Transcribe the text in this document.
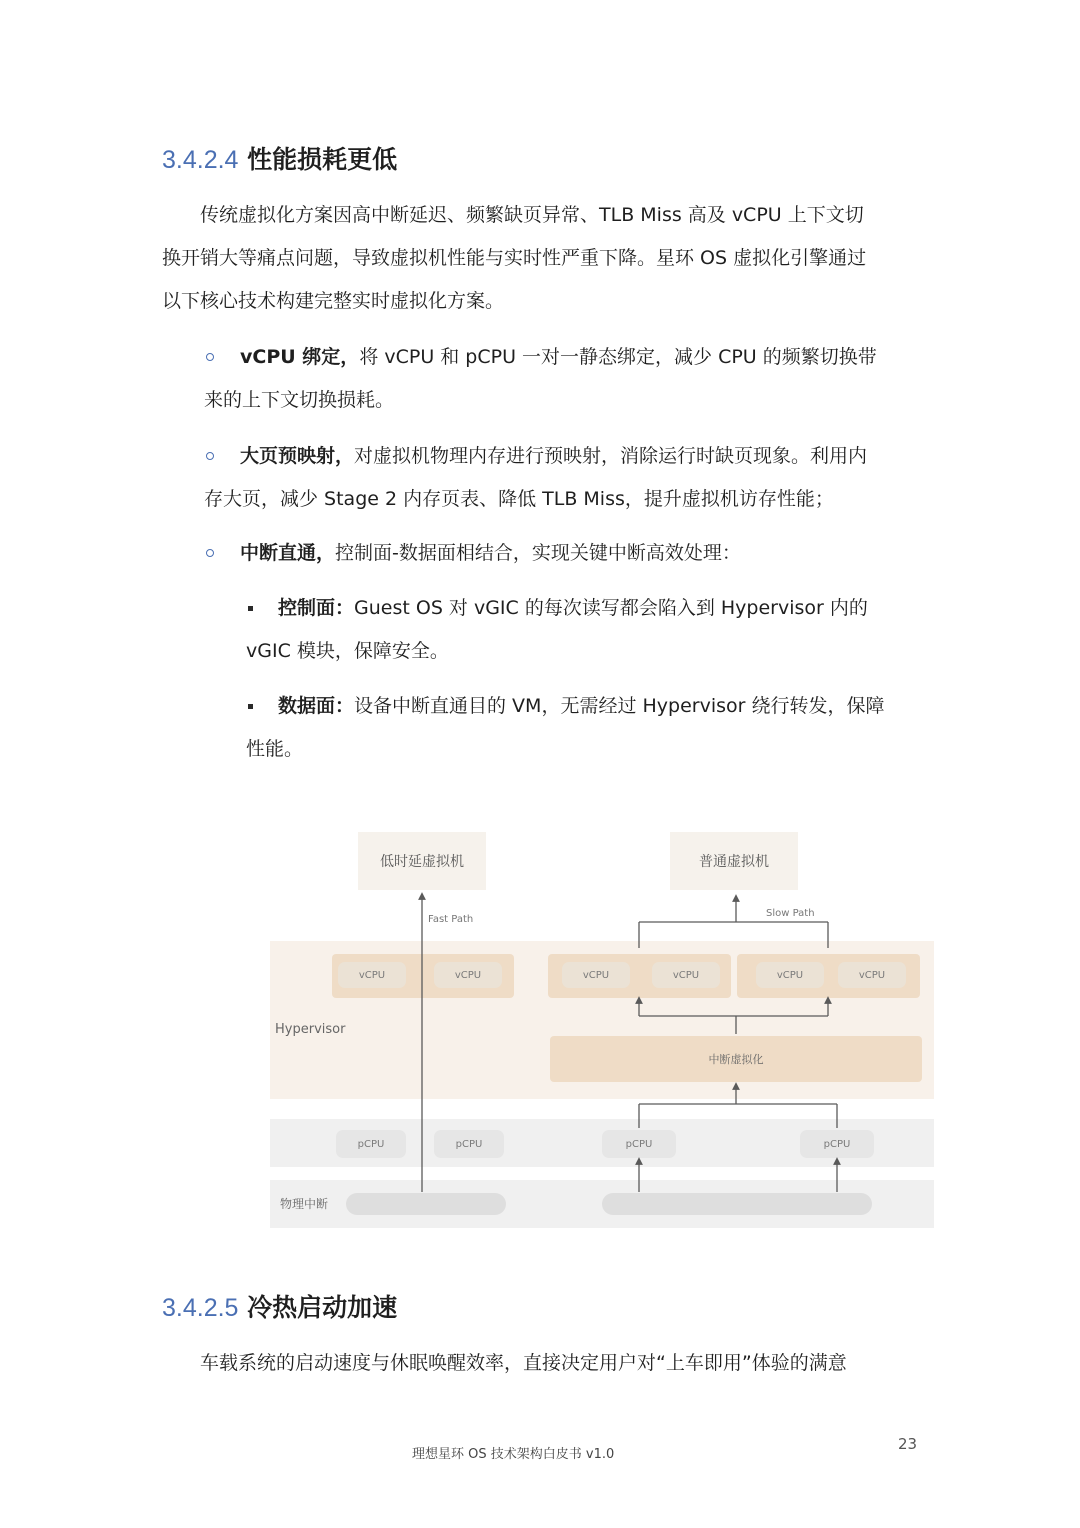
3.4.2.4 性能损耗更低

传统虚拟化方案因高中断延迟、频繁缺页异常、TLB Miss 高及 vCPU 上下文切

换开销大等痛点问题，导致虚拟机性能与实时性严重下降。星环 OS 虚拟化引擎通过

以下核心技术构建完整实时虚拟化方案。

vCPU 绑定，将 vCPU 和 pCPU 一对一静态绑定，减少 CPU 的频繁切换带

来的上下文切换损耗。

大页预映射，对虚拟机物理内存进行预映射，消除运行时缺页现象。利用内

存大页，减少 Stage 2 内存页表、降低 TLB Miss，提升虚拟机访存性能；

中断直通，控制面-数据面相结合，实现关键中断高效处理：

控制面：Guest OS 对 vGIC 的每次读写都会陷入到 Hypervisor 内的

vGIC 模块，保障安全。

数据面：设备中断直通目的 VM，无需经过 Hypervisor 绕行转发，保障

性能。

低时延虚拟机	普通虚拟机
Hypervisor
vCPU	vCPU	vCPU	vCPU	vCPU	vCPU
中断虚拟化
pCPU	pCPU	pCPU	pCPU
物理中断
Fast Path
Slow Path
3.4.2.5 冷热启动加速

车载系统的启动速度与休眠唤醒效率，直接决定用户对“上车即用”体验的满意

理想星环 OS 技术架构白皮书 v1.0
23
